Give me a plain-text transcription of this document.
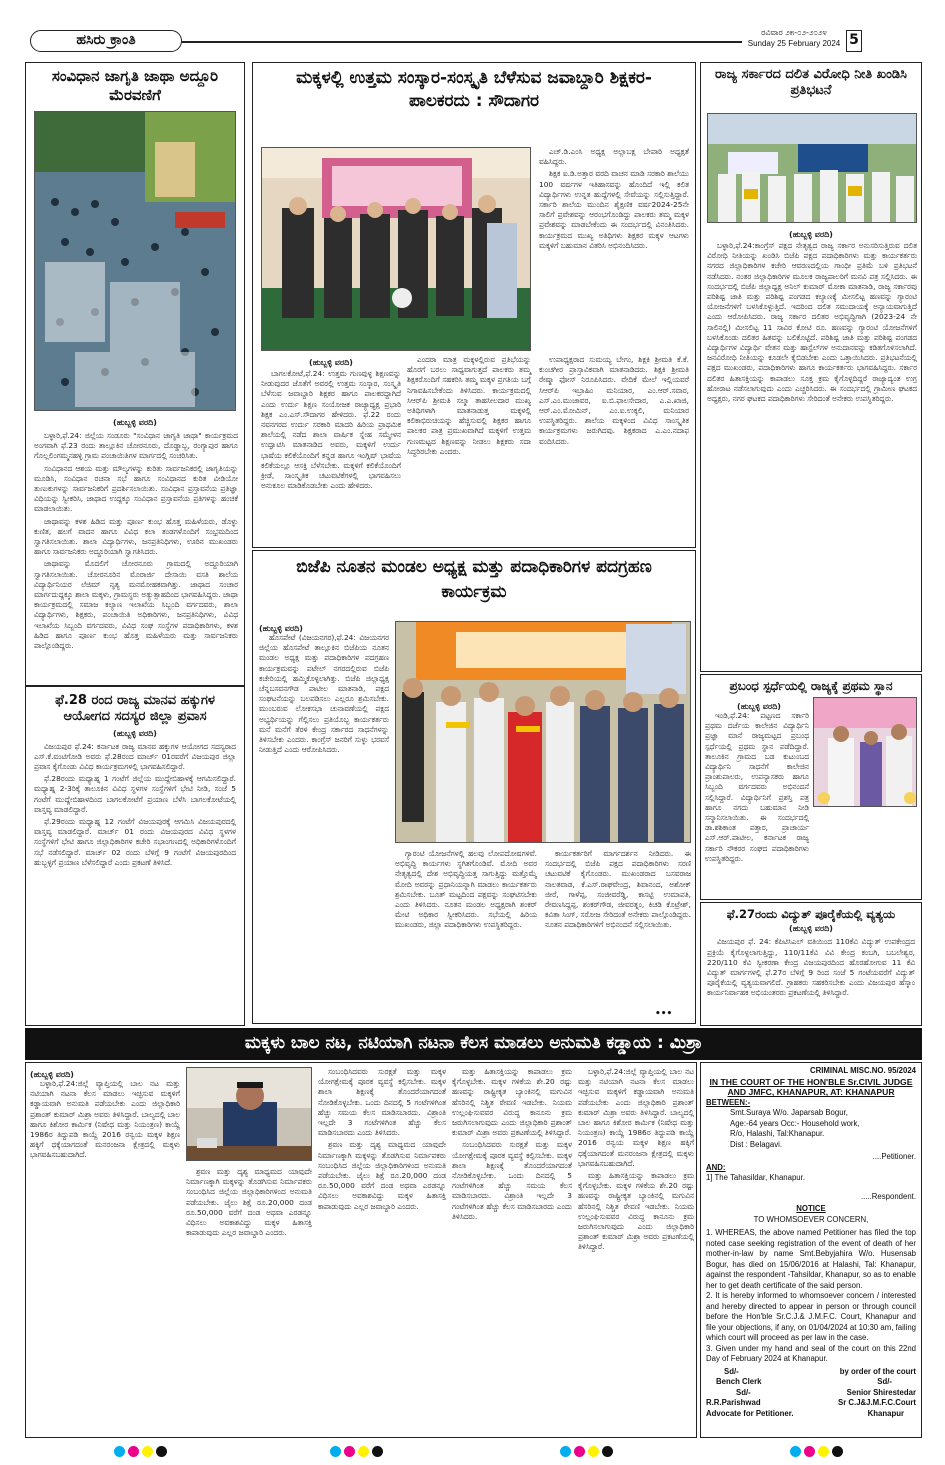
ಹಸಿರು ಕ್ರಾಂತಿ	ರವಿವಾರ ೨೫-೦೨-೨೦೨೪
Sunday 25 February 2024 5
ಸಂವಿಧಾನ ಜಾಗೃತಿ ಜಾಥಾ ಅದ್ದೂರಿ ಮೆರವಣಿಗೆ
(ಹುಬ್ಬಳ್ಳಿ ವರದಿ)

ಬಳ್ಳಾರಿ,ಫೆ.24: ಜಿಲ್ಲೆಯ ಸಂಡೂರು "ಸಂವಿಧಾನ ಜಾಗೃತಿ ಜಾಥಾ" ಕಾರ್ಯಕ್ರಮದ ಅಂಗವಾಗಿ ಫೆ.23 ರಂದು ತಾಲ್ಲೂಕಿನ ಚೋರನೂರು, ದೊಡ್ಡಾಬ್ಬ, ರಂಗ್ಯಾಪುರ ಹಾಗೂ ಗೊಲ್ಲಲಿಂಗಮ್ಮನಹಳ್ಳಿ ಗ್ರಾಮ ಪಂಚಾಯಿತಿಗಳ ಮಾರ್ಗದಲ್ಲಿ ಸಂಚರಿಸಿತು.

ಸಂವಿಧಾನದ ಆಶಯ ಮತ್ತು ಮೌಲ್ಯಗಳನ್ನು ಕುರಿತು ಸಾರ್ವಜನಿಕರಲ್ಲಿ ಜಾಗೃತಿಯನ್ನು ಮೂಡಿಸಿ, ಸಂವಿಧಾನ ರಚನಾ ಸಭೆ ಹಾಗೂ ಸಂವಿಧಾನದ ಕುರಿತ ವೀಡಿಯೋ ತುಣುಕುಗಳನ್ನು ಸಾರ್ವಜನಿಕರಿಗೆ ಪ್ರದರ್ಶಿಸಲಾಯಿತು. ಸಂವಿಧಾನ ಪ್ರಸ್ತಾವನೆಯ ಪ್ರತಿಜ್ಞಾ ವಿಧಿಯನ್ನು ಸ್ವೀಕರಿಸಿ, ಜಾಥಾದ ಉದ್ದಕ್ಕೂ ಸಂವಿಧಾನ ಪ್ರಸ್ತಾವನೆಯ ಪ್ರತಿಗಳನ್ನು ಹಂಚಿಕೆ ಮಾಡಲಾಯಿತು.

ಜಾಥಾವನ್ನು ಕಳಶ ಹಿಡಿದ ಮತ್ತು ಪೂರ್ಣ ಕುಂಭ ಹೊತ್ತ ಮಹಿಳೆಯರು, ಡೊಳ್ಳು ಕುಣಿತ, ಹಲಗೆ ವಾದನ ಹಾಗೂ ವಿವಿಧ ಕಲಾ ತಂಡಗಳೊಂದಿಗೆ ಸಂಭ್ರಮದಿಂದ ಸ್ವಾಗತಿಸಲಾಯಿತು. ಶಾಲಾ ವಿದ್ಯಾರ್ಥಿಗಳು, ಜನಪ್ರತಿನಿಧಿಗಳು, ಊರಿನ ಮುಖಂಡರು ಹಾಗೂ ಸಾರ್ವಜನಿಕರು ಅದ್ದೂರಿಯಾಗಿ ಸ್ವಾಗತಿಸಿದರು.

ಜಾಥಾವನ್ನು ಮೊದಲಿಗೆ ಚೋರನೂರು ಗ್ರಾಮದಲ್ಲಿ ಅದ್ದೂರಿಯಾಗಿ ಸ್ವಾಗತಿಸಲಾಯಿತು. ಚೋರನೂರಿನ ಮೊರಾರ್ಜಿ ದೇಸಾಯಿ ವಸತಿ ಶಾಲೆಯ ವಿದ್ಯಾರ್ಥಿನಿಯರ ಲೆಜಿಮ್ ನೃತ್ಯ ಮನಮೋಹಕವಾಗಿತ್ತು. ಜಾಥಾದ ಸಂಚಾರ ಮಾರ್ಗದುದ್ದಕ್ಕೂ ಶಾಲಾ ಮಕ್ಕಳು, ಗ್ರಾಮಸ್ಥರು ಅತ್ಯುತ್ಸಾಹದಿಂದ ಭಾಗವಹಿಸಿದ್ದರು. ಜಾಥಾ ಕಾರ್ಯಕ್ರಮದಲ್ಲಿ ಸಮಾಜ ಕಲ್ಯಾಣ ಇಲಾಖೆಯ ಸಿಬ್ಬಂದಿ ವರ್ಗದವರು, ಶಾಲಾ ವಿದ್ಯಾರ್ಥಿಗಳು, ಶಿಕ್ಷಕರು, ಪಂಚಾಯಿತಿ ಅಧಿಕಾರಿಗಳು, ಜನಪ್ರತಿನಿಧಿಗಳು, ವಿವಿಧ ಇಲಾಖೆಯ ಸಿಬ್ಬಂದಿ ವರ್ಗದವರು, ವಿವಿಧ ಸಂಘ ಸಂಸ್ಥೆಗಳ ಪದಾಧಿಕಾರಿಗಳು, ಕಳಶ ಹಿಡಿದ ಹಾಗೂ ಪೂರ್ಣ ಕುಂಭ ಹೊತ್ತ ಮಹಿಳೆಯರು ಮತ್ತು ಸಾರ್ವಜನಿಕರು ಪಾಲ್ಗೊಂಡಿದ್ದರು.

ಫೆ.28 ರಂದ ರಾಜ್ಯ ಮಾನವ ಹಕ್ಕುಗಳ ಆಯೋಗದ ಸದಸ್ಯರ ಜಿಲ್ಲಾ ಪ್ರವಾಸ
(ಹುಬ್ಬಳ್ಳಿ ವರದಿ)

ವಿಜಯಪುರ ಫೆ.24: ಕರ್ನಾಟಕ ರಾಜ್ಯ ಮಾನವ ಹಕ್ಕುಗಳ ಆಯೋಗದ ಸದಸ್ಯರಾದ ಎಸ್.ಕೆ.ವಂಟಿಗೋಡಿ ಅವರು ಫೆ.28ರಂದ ಮಾರ್ಚ್ 01ರವರೆಗೆ ವಿಜಯಪುರ ಜಿಲ್ಲಾ ಪ್ರವಾಸ ಕೈಗೊಂಡು ವಿವಿಧ ಕಾರ್ಯಕ್ರಮಗಳಲ್ಲಿ ಭಾಗವಹಿಸಲಿದ್ದಾರೆ.

ಫೆ.28ರಂದು ಮಧ್ಯಾಹ್ನ 1 ಗಂಟೆಗೆ ಜಿಲ್ಲೆಯ ಮುದ್ದೇಬಿಹಾಳಕ್ಕೆ ಆಗಮಿಸಲಿದ್ದಾರೆ. ಮಧ್ಯಾಹ್ನ 2-3ರಿಕ್ಕೆ ತಾಲೂಕಿನ ವಿವಿಧ ಸ್ಥಳಗಳ ಸಂಸ್ಥೆಗಳಿಗೆ ಭೇಟಿ ನೀಡಿ, ಸಂಜೆ 5 ಗಂಟೆಗೆ ಮುದ್ದೇಬಿಹಾಳದಿಂದ ಬಾಗಲಕೋಟೆಗೆ ಪ್ರಯಾಣ ಬೆಳೆಸಿ ಬಾಗಲಕೋಟೆಯಲ್ಲಿ ವಾಸ್ತವ್ಯ ಮಾಡಲಿದ್ದಾರೆ.

ಫೆ.29ರಂದು ಮಧ್ಯಾಹ್ನ 12 ಗಂಟೆಗೆ ವಿಜಯಪುರಕ್ಕೆ ಆಗಮಿಸಿ ವಿಜಯಪುರದಲ್ಲಿ ವಾಸ್ತವ್ಯ ಮಾಡಲಿದ್ದಾರೆ. ಮಾರ್ಚ್ 01 ರಂದು ವಿಜಯಪುರದ ವಿವಿಧ ಸ್ಥಳಗಳ ಸಂಸ್ಥೆಗಳಿಗೆ ಭೇಟಿ ಹಾಗೂ ಜಿಲ್ಲಾಧಿಕಾರಿಗಳ ಕಚೇರಿ ಸಭಾಂಗಣದಲ್ಲಿ ಅಧಿಕಾರಿಗಳೊಂದಿಗೆ ಸಭೆ ನಡೆಸಲಿದ್ದಾರೆ. ಮಾರ್ಚ್ 02 ರಂದು ಬೆಳಿಗ್ಗೆ 9 ಗಂಟೆಗೆ ವಿಜಯಪುರದಿಂದ ಹುಬ್ಬಳ್ಳಿಗೆ ಪ್ರಯಾಣ ಬೆಳೆಸಲಿದ್ದಾರೆ ಎಂದು ಪ್ರಕಟಣೆ ತಿಳಿಸಿದೆ.

ಮಕ್ಕಳಲ್ಲಿ ಉತ್ತಮ ಸಂಸ್ಕಾರ-ಸಂಸ್ಕೃತಿ ಬೆಳೆಸುವ ಜವಾಬ್ದಾರಿ ಶಿಕ್ಷಕರ-ಪಾಲಕರದು : ಸೌದಾಗರ

ಎಚ್.ಡಿ.ಎಂಸಿ ಅಧ್ಯಕ್ಷ ಅಲ್ಲಾಬಕ್ಷ ಬೇಪಾರಿ ಅಧ್ಯಕ್ಷತೆ ವಹಿಸಿದ್ದರು.

ಶಿಕ್ಷಕ ಐ.ಡಿ.ಅತ್ತಾರ ವರದಿ ವಾಚನ ಮಾಡಿ ಸರಕಾರಿ ಶಾಲೆಯು 100 ವರ್ಷಗಳ ಇತಿಹಾಸವನ್ನು ಹೊಂದಿದೆ ಇಲ್ಲಿ ಕಲಿತ ವಿದ್ಯಾರ್ಥಿಗಳು ಉನ್ನತ ಹುದ್ದೆಗಳಲ್ಲಿ ಸೇವೆಯನ್ನು ಸಲ್ಲಿಸುತ್ತಿದ್ದಾರೆ. ಸರ್ಕಾರಿ ಶಾಲೆಯ ಮುಂದಿನ ಶೈಕ್ಷಣಿಕ ವರ್ಷ2024-25ನೇ ಸಾಲಿಗೆ ಪ್ರವೇಶವನ್ನು ಆರಂಭಗೊಂಡಿದ್ದು ಪಾಲಕರು ತಮ್ಮ ಮಕ್ಕಳ ಪ್ರವೇಶವನ್ನು ಮಾಡಬೇಕೆಂದು ಈ ಸಂದರ್ಭದಲ್ಲಿ ವಿನಂತಿಸಿದರು. ಕಾರ್ಯಕ್ರಮದ ಮುಖ್ಯ ಅತಿಥಿಗಳು ಶಿಕ್ಷಕರ ಮಕ್ಕಳ ಆಟಗಳು ಮಕ್ಕಳಿಗೆ ಬಹುಮಾನ ವಿತರಿಸಿ ಅಭಿನಂದಿಸಿದರು.

(ಹುಬ್ಬಳ್ಳಿ ವರದಿ)

ಬಾಗಲಕೋಟೆ,ಫೆ.24: ಉತ್ತಮ ಗುಣವುಳ್ಳ ಶಿಕ್ಷಣವನ್ನು ನೀಡುವುದರ ಜೊತೆಗೆ ಅವರಲ್ಲಿ ಉತ್ತಮ ಸಂಸ್ಕಾರ, ಸಂಸ್ಕೃತಿ ಬೆಳೆಸುವ ಜವಾಬ್ದಾರಿ ಶಿಕ್ಷಕರ ಹಾಗೂ ಪಾಲಕರದ್ದಾಗಿದೆ ಎಂದು ಉರ್ದು ಶಿಕ್ಷಣ ಸಂಯೋಜಕ ರಾಜ್ಯಾಧ್ಯಕ್ಷ ಪ್ರಭಾರಿ ಶಿಕ್ಷಕ ಎಂ.ಎಸ್.ಸೌದಾಗರ ಹೇಳಿದರು. ಫೆ.22 ರಂದು ನವನಗರದ ಉರ್ದು ಸರಕಾರಿ ಮಾದರಿ ಹಿರಿಯ ಪ್ರಾಥಮಿಕ ಶಾಲೆಯಲ್ಲಿ ನಡೆದ ಶಾಲಾ ವಾರ್ಷಿಕ ಸ್ನೇಹ ಸಮ್ಮೇಳನ ಉದ್ಘಾಟಿಸಿ ಮಾತನಾಡಿದ ಅವರು, ಮಕ್ಕಳಿಗೆ ಉರ್ದು ಭಾಷೆಯ ಕಲಿಕೆಯೊಂದಿಗೆ ಕನ್ನಡ ಹಾಗೂ ಇಂಗ್ಲಿಷ್ ಭಾಷೆಯ ಕಲಿಕೆಯಲ್ಲೂ ಆಸಕ್ತಿ ಬೆಳೆಸಬೇಕು. ಮಕ್ಕಳಿಗೆ ಕಲಿಕೆಯೊಂದಿಗೆ ಕ್ರೀಡೆ, ಸಾಂಸ್ಕೃತಿಕ ಚಟುವಟಿಕೆಗಳಲ್ಲಿ ಭಾಗವಹಿಸಲು ಅನುಕೂಲ ಮಾಡಿಕೊಡಬೇಕು ಎಂದು ಹೇಳಿದರು.

ಎಂದರಾ ಮಾತ್ರ ಮಕ್ಕಳಲ್ಲಿರುವ ಪ್ರತಿಭೆಯನ್ನು ಹೊರಗೆ ಬರಲು ಸಾಧ್ಯವಾಗುತ್ತದೆ ಪಾಲಕರು ತಮ್ಮ ಶಿಕ್ಷಕರೊಂದಿಗೆ ಸಹಕರಿಸಿ ತಮ್ಮ ಮಕ್ಕಳ ಪ್ರಗತಿಯ ಬಗ್ಗೆ ನಿಗಾವಹಿಸಬೇಕೆಂದು ತಿಳಿಸಿದರು. ಕಾರ್ಯಕ್ರಮದಲ್ಲಿ ಸಿಆರ್‌ಪಿ ಶ್ರೀಮತಿ ಸಲ್ಮಾ ತಾಹಸೀಲದಾರ ಮುಖ್ಯ ಅತಿಥಿಗಳಾಗಿ ಮಾತನಾಡುತ್ತ ಮಕ್ಕಳಲ್ಲಿ ಕಲಿಕಾಭಿರುಚಿಯನ್ನು ಹೆಚ್ಚಿಸುವಲ್ಲಿ ಶಿಕ್ಷಕರ ಹಾಗೂ ಪಾಲಕರ ಪಾತ್ರ ಪ್ರಮುಖವಾಗಿದೆ ಮಕ್ಕಳಿಗೆ ಉತ್ತಮ ಗುಣಮಟ್ಟದ ಶಿಕ್ಷಣವನ್ನು ನೀಡಲು ಶಿಕ್ಷಕರು ಸದಾ ಸಿದ್ಧರಿರಬೇಕು ಎಂದರು.

ಉಪಾಧ್ಯಕ್ಷರಾದ ಸುಮಯ್ಯ ಬೇಗಂ, ಶಿಕ್ಷಕಿ ಶ್ರೀಮತಿ ಕೆ.ಕೆ. ಕುಂಚಗೀರ ಪ್ರಾಸ್ತಾವಿಕವಾಗಿ ಮಾತನಾಡಿದರು. ಶಿಕ್ಷಕಿ ಶ್ರೀಮತಿ ರೇಷ್ಮಾ ಫೋಸ್ ನಿರೂಪಿಸಿದರು. ವೇದಿಕೆ ಮೇಲೆ ಇಲ್ಲಿಯವರೆ ಸಿಆರ್‌ಪಿ ಇಬ್ರಾಹಿಂ ಮನಿಯಾರ, ಎಂ.ಆರ್.ಸವಾರ, ಎಸ್.ಎಂ.ಮುಜಾವರ, ಐ.ಬಿ.ಫಾಲಸೇದಾರ, ಎ.ಎ.ಖಾಜಿ, ಆರ್.ಎಂ.ಮೋಮಿನ್, ಎಂ.ಐ.ಉಕ್ಕಲಿ, ಮನಿಯಾರ ಉಪಸ್ಥಿತರಿದ್ದರು. ಶಾಲೆಯ ಮಕ್ಕಳಿಂದ ವಿವಿಧ ಸಾಂಸ್ಕೃತಿಕ ಕಾರ್ಯಕ್ರಮಗಳು ಜರುಗಿದವು. ಶಿಕ್ಷಕರಾದ ಎ.ಎಂ.ನದಾಫ ವಂದಿಸಿದರು.

ರಾಜ್ಯ ಸರ್ಕಾರದ ದಲಿತ ವಿರೋಧಿ ನೀತಿ ಖಂಡಿಸಿ ಪ್ರತಿಭಟನೆ
(ಹುಬ್ಬಳ್ಳಿ ವರದಿ)

ಬಳ್ಳಾರಿ,ಫೆ.24:ಕಾಂಗ್ರೆಸ್ ಪಕ್ಷದ ನೇತೃತ್ವದ ರಾಜ್ಯ ಸರ್ಕಾರ ಅನುಸರಿಸುತ್ತಿರುವ ದಲಿತ ವಿರೋಧಿ ನೀತಿಯನ್ನು ಖಂಡಿಸಿ ಬಿಜೆಪಿ ಪಕ್ಷದ ಪದಾಧಿಕಾರಿಗಳು ಮತ್ತು ಕಾರ್ಯಕರ್ತರು ನಗರದ ಜಿಲ್ಲಾಧಿಕಾರಿಗಳ ಕಚೇರಿ ಆವರಣದಲ್ಲಿಯ ಗಾಂಧೀ ಪ್ರತಿಮೆ ಬಳಿ ಪ್ರತಿಭಟನೆ ನಡೆಸಿದರು. ನಂತರ ಜಿಲ್ಲಾಧಿಕಾರಿಗಳ ಮೂಲಕ ರಾಜ್ಯಪಾಲರಿಗೆ ಮನವಿ ಪತ್ರ ಸಲ್ಲಿಸಿದರು. ಈ ಸಂದರ್ಭದಲ್ಲಿ ಬಿಜೆಪಿ ಜಿಲ್ಲಾಧ್ಯಕ್ಷ ಅನಿಲ್ ಕುಮಾರ್ ಮೋಕಾ ಮಾತನಾಡಿ, ರಾಜ್ಯ ಸರ್ಕಾರವು ಪರಿಶಿಷ್ಟ ಜಾತಿ ಮತ್ತು ಪರಿಶಿಷ್ಟ ಪಂಗಡದ ಕಲ್ಯಾಣಕ್ಕೆ ಮೀಸಲಿಟ್ಟ ಹಣವನ್ನು ಗ್ಯಾರಂಟಿ ಯೋಜನೆಗಳಿಗೆ ಬಳಸಿಕೊಳ್ಳುತ್ತಿದೆ. ಇದರಿಂದ ದಲಿತ ಸಮುದಾಯಕ್ಕೆ ಅನ್ಯಾಯವಾಗುತ್ತಿದೆ ಎಂದು ಆರೋಪಿಸಿದರು. ರಾಜ್ಯ ಸರ್ಕಾರ ದಲಿತರ ಅಭಿವೃದ್ಧಿಗಾಗಿ (2023-24 ನೇ ಸಾಲಿನಲ್ಲಿ) ಮೀಸಲಿಟ್ಟ 11 ಸಾವಿರ ಕೋಟಿ ರೂ. ಹಣವನ್ನು ಗ್ಯಾರಂಟಿ ಯೋಜನೆಗಳಿಗೆ ಬಳಸಿಕೊಂಡು ದಲಿತರ ಹಿತವನ್ನು ಬಲಿಕೊಟ್ಟಿದೆ. ಪರಿಶಿಷ್ಟ ಜಾತಿ ಮತ್ತು ಪರಿಶಿಷ್ಟ ಪಂಗಡದ ವಿದ್ಯಾರ್ಥಿಗಳ ವಿದ್ಯಾರ್ಥಿ ವೇತನ ಮತ್ತು ಹಾಸ್ಟೆಲ್‌ಗಳ ಅನುದಾನವನ್ನು ಕಡಿತಗೊಳಿಸಲಾಗಿದೆ. ಜನವಿರೋಧಿ ನೀತಿಯನ್ನು ಕೂಡಲೇ ಕೈಬಿಡಬೇಕು ಎಂದು ಒತ್ತಾಯಿಸಿದರು. ಪ್ರತಿಭಟನೆಯಲ್ಲಿ ಪಕ್ಷದ ಮುಖಂಡರು, ಪದಾಧಿಕಾರಿಗಳು ಹಾಗೂ ಕಾರ್ಯಕರ್ತರು ಭಾಗವಹಿಸಿದ್ದರು. ಸರ್ಕಾರ ದಲಿತರ ಹಿತಾಸಕ್ತಿಯನ್ನು ಕಾಪಾಡಲು ಸೂಕ್ತ ಕ್ರಮ ಕೈಗೊಳ್ಳದಿದ್ದರೆ ರಾಜ್ಯಾದ್ಯಂತ ಉಗ್ರ ಹೋರಾಟ ನಡೆಸಲಾಗುವುದು ಎಂದು ಎಚ್ಚರಿಸಿದರು. ಈ ಸಂದರ್ಭದಲ್ಲಿ ಗ್ರಾಮೀಣ ಘಟಕದ ಅಧ್ಯಕ್ಷರು, ನಗರ ಘಟಕದ ಪದಾಧಿಕಾರಿಗಳು ಸೇರಿದಂತೆ ಅನೇಕರು ಉಪಸ್ಥಿತರಿದ್ದರು.

ಬಿಜೆಪಿ ನೂತನ ಮಂಡಲ ಅಧ್ಯಕ್ಷ ಮತ್ತು ಪದಾಧಿಕಾರಿಗಳ ಪದಗ್ರಹಣ ಕಾರ್ಯಕ್ರಮ
(ಹುಬ್ಬಳ್ಳಿ ವರದಿ)

ಹೊಸಪೇಟೆ (ವಿಜಯನಗರ),ಫೆ.24: ವಿಜಯನಗರ ಜಿಲ್ಲೆಯ ಹೊಸಪೇಟೆ ತಾಲ್ಲೂಕಿನ ಬಿಜೆಪಿಯ ನೂತನ ಮಂಡಲ ಅಧ್ಯಕ್ಷ ಮತ್ತು ಪದಾಧಿಕಾರಿಗಳ ಪದಗ್ರಹಣ ಕಾರ್ಯಕ್ರಮವನ್ನು ಪಟೇಲ್ ನಗರದಲ್ಲಿರುವ ಬಿಜೆಪಿ ಕಚೇರಿಯಲ್ಲಿ ಹಮ್ಮಿಕೊಳ್ಳಲಾಗಿತ್ತು. ಬಿಜೆಪಿ ಜಿಲ್ಲಾಧ್ಯಕ್ಷ ಚೆನ್ನಬಸವನಗೌಡ ಪಾಟೀಲ ಮಾತನಾಡಿ, ಪಕ್ಷದ ಸಂಘಟನೆಯನ್ನು ಬಲಪಡಿಸಲು ಎಲ್ಲರೂ ಶ್ರಮಿಸಬೇಕು. ಮುಂಬರುವ ಲೋಕಸಭಾ ಚುನಾವಣೆಯಲ್ಲಿ ಪಕ್ಷದ ಅಭ್ಯರ್ಥಿಯನ್ನು ಗೆಲ್ಲಿಸಲು ಪ್ರತಿಯೊಬ್ಬ ಕಾರ್ಯಕರ್ತರು ಮನೆ ಮನೆಗೆ ತೆರಳಿ ಕೇಂದ್ರ ಸರ್ಕಾರದ ಸಾಧನೆಗಳನ್ನು ತಿಳಿಸಬೇಕು ಎಂದರು. ಕಾಂಗ್ರೆಸ್ ಜನರಿಗೆ ಸುಳ್ಳು ಭರವಸೆ ನೀಡುತ್ತಿದೆ ಎಂದು ಆರೋಪಿಸಿದರು.

ಗ್ಯಾರಂಟಿ ಯೋಜನೆಗಳಲ್ಲಿ ಹಲವು ಲೋಪದೋಷಗಳಿವೆ. ಅಭಿವೃದ್ಧಿ ಕಾರ್ಯಗಳು ಸ್ಥಗಿತಗೊಂಡಿವೆ. ಮೋದಿ ಅವರ ನೇತೃತ್ವದಲ್ಲಿ ದೇಶ ಅಭಿವೃದ್ಧಿಯತ್ತ ಸಾಗುತ್ತಿದ್ದು ಮತ್ತೊಮ್ಮೆ ಮೋದಿ ಅವರನ್ನು ಪ್ರಧಾನಿಯನ್ನಾಗಿ ಮಾಡಲು ಕಾರ್ಯಕರ್ತರು ಶ್ರಮಿಸಬೇಕು. ಬೂತ್ ಮಟ್ಟದಿಂದ ಪಕ್ಷವನ್ನು ಸಂಘಟಿಸಬೇಕು ಎಂದು ತಿಳಿಸಿದರು. ನೂತನ ಮಂಡಲ ಅಧ್ಯಕ್ಷರಾಗಿ ಶಂಕರ್ ಮೇಟಿ ಅಧಿಕಾರ ಸ್ವೀಕರಿಸಿದರು. ಸಭೆಯಲ್ಲಿ ಹಿರಿಯ ಮುಖಂಡರು, ಜಿಲ್ಲಾ ಪದಾಧಿಕಾರಿಗಳು ಉಪಸ್ಥಿತರಿದ್ದರು.

ಕಾರ್ಯಕರ್ತರಿಗೆ ಮಾರ್ಗದರ್ಶನ ನೀಡಿದರು. ಈ ಸಂದರ್ಭದಲ್ಲಿ ಬಿಜೆಪಿ ಪಕ್ಷದ ಪದಾಧಿಕಾರಿಗಳು ಸರಣಿ ಚಟುವಟಿಕೆ ಕೈಗೊಂಡರು. ಮುಖಂಡರಾದ ಬಸವರಾಜ ನಾಲತವಾಡ, ಕೆ.ಎಸ್.ರಾಘವೇಂದ್ರ, ಶಿವಾನಂದ, ಅಶೋಕ್ ಜೀರೆ, ಗಾಳೆಪ್ಪ, ಸಂಜೀವರೆಡ್ಡಿ, ಕಾಸಟ್ಟಿ ಉಮಾಪತಿ, ರೇವಣಸಿದ್ದಪ್ಪ, ಶಂಕರ್‌ಗೌಡ, ಜೀವರತ್ನಂ, ಕಿಚಡಿ ಕೊಟ್ರೇಶ್, ಕವಿತಾ ಸಿಂಗ್, ಸರೋಜ ಸೇರಿದಂತೆ ಅನೇಕರು ಪಾಲ್ಗೊಂಡಿದ್ದರು. ನೂತನ ಪದಾಧಿಕಾರಿಗಳಿಗೆ ಅಭಿನಂದನೆ ಸಲ್ಲಿಸಲಾಯಿತು.

•••
ಪ್ರಬಂಧ ಸ್ಪರ್ಧೆಯಲ್ಲಿ ರಾಜ್ಯಕ್ಕೆ ಪ್ರಥಮ ಸ್ಥಾನ
(ಹುಬ್ಬಳ್ಳಿ ವರದಿ)

ಇಂಡಿ,ಫೆ.24: ಪಟ್ಟಣದ ಸರ್ಕಾರಿ ಪ್ರಥಮ ದರ್ಜೆಯ ಕಾಲೇಜಿನ ವಿದ್ಯಾರ್ಥಿನಿ ಪ್ರಜ್ಞಾ ಮಾನೆ ರಾಜ್ಯಮಟ್ಟದ ಪ್ರಬಂಧ ಸ್ಪರ್ಧೆಯಲ್ಲಿ ಪ್ರಥಮ ಸ್ಥಾನ ಪಡೆದಿದ್ದಾರೆ. ತಾಲೂಕಿನ ಗ್ರಾಮದ ಬಡ ಕುಟುಂಬದ ವಿದ್ಯಾರ್ಥಿನಿ ಸಾಧನೆಗೆ ಕಾಲೇಜಿನ ಪ್ರಾಂಶುಪಾಲರು, ಉಪನ್ಯಾಸಕರು ಹಾಗೂ ಸಿಬ್ಬಂದಿ ವರ್ಗದವರು ಅಭಿನಂದನೆ ಸಲ್ಲಿಸಿದ್ದಾರೆ. ವಿದ್ಯಾರ್ಥಿನಿಗೆ ಪ್ರಶಸ್ತಿ ಪತ್ರ ಹಾಗೂ ನಗದು ಬಹುಮಾನ ನೀಡಿ ಸನ್ಮಾನಿಸಲಾಯಿತು. ಈ ಸಂದರ್ಭದಲ್ಲಿ ಡಾ.ಶಶಿಕಾಂತ ಪತ್ತಾರ, ಪ್ರಾಚಾರ್ಯ ಎಸ್.ಆರ್.ಪಾಟೀಲ, ಕರ್ನಾಟಕ ರಾಜ್ಯ ಸರ್ಕಾರಿ ನೌಕರರ ಸಂಘದ ಪದಾಧಿಕಾರಿಗಳು ಉಪಸ್ಥಿತರಿದ್ದರು.

ಫೆ.27ರಂದು ವಿದ್ಯುತ್ ಪೂರೈಕೆಯಲ್ಲಿ ವ್ಯತ್ಯಯ
(ಹುಬ್ಬಳ್ಳಿ ವರದಿ)

ವಿಜಯಪುರ ಫೆ. 24: ಕೆಪಿಟಿಸಿಎಲ್ ವತಿಯಿಂದ 110ಕೆವಿ ವಿದ್ಯುತ್ ಉಪಕೇಂದ್ರದ ಪ್ರಕ್ರಿಯೆ ಕೈಗೊಳ್ಳಲಾಗುತ್ತಿದ್ದು, 110/11ಕೆವಿ ವಿವಿ ಕೇಂದ್ರ ಕಂಬಗಿ, ಬಬಲೇಶ್ವರ, 220/110 ಕೆವಿ ಸ್ವೀಕರಣಾ ಕೇಂದ್ರ ವಿಜಯಪುರದಿಂದ ಹೊರಹೋಗುವ 11 ಕೆವಿ ವಿದ್ಯುತ್ ಮಾರ್ಗಗಳಲ್ಲಿ ಫೆ.27ರ ಬೆಳಿಗ್ಗೆ 9 ರಿಂದ ಸಂಜೆ 5 ಗಂಟೆಯವರೆಗೆ ವಿದ್ಯುತ್ ಪೂರೈಕೆಯಲ್ಲಿ ವ್ಯತ್ಯಯವಾಗಲಿದೆ. ಗ್ರಾಹಕರು ಸಹಕರಿಸಬೇಕು ಎಂದು ವಿಜಯಪುರ ಹೆಸ್ಕಾಂ ಕಾರ್ಯನಿರ್ವಾಹಕ ಅಭಿಯಂತರರು ಪ್ರಕಟಣೆಯಲ್ಲಿ ತಿಳಿಸಿದ್ದಾರೆ.

ಮಕ್ಕಳು ಬಾಲ ನಟ, ನಟಿಯಾಗಿ ನಟನಾ ಕೆಲಸ ಮಾಡಲು ಅನುಮತಿ ಕಡ್ಡಾಯ : ಮಿಶ್ರಾ
(ಹುಬ್ಬಳ್ಳಿ ವರದಿ)

ಬಳ್ಳಾರಿ,ಫೆ.24:ಜಿಲ್ಲೆ ವ್ಯಾಪ್ತಿಯಲ್ಲಿ ಬಾಲ ನಟ ಮತ್ತು ನಟಿಯಾಗಿ ನಟನಾ ಕೆಲಸ ಮಾಡಲು ಇಚ್ಛಿಸುವ ಮಕ್ಕಳಿಗೆ ಕಡ್ಡಾಯವಾಗಿ ಅನುಮತಿ ಪಡೆಯಬೇಕು ಎಂದು ಜಿಲ್ಲಾಧಿಕಾರಿ ಪ್ರಶಾಂತ್ ಕುಮಾರ್ ಮಿಶ್ರಾ ಅವರು ತಿಳಿಸಿದ್ದಾರೆ. ಬಾಲ್ಯದಲ್ಲಿ ಬಾಲ ಹಾಗೂ ಕಿಶೋರ ಕಾರ್ಮಿಕ (ನಿಷೇಧ ಮತ್ತು ನಿಯಂತ್ರಣ) ಕಾಯ್ದೆ 1986ರ ತಿದ್ದುಪಡಿ ಕಾಯ್ದೆ 2016 ರನ್ವಯ ಮಕ್ಕಳ ಶಿಕ್ಷಣ ಹಕ್ಕಿಗೆ ಧಕ್ಕೆಯಾಗದಂತೆ ಮನರಂಜನಾ ಕ್ಷೇತ್ರದಲ್ಲಿ ಮಕ್ಕಳು ಭಾಗವಹಿಸಬಹುದಾಗಿದೆ.

ಶ್ರವಣ ಮತ್ತು ದೃಶ್ಯ ಮಾಧ್ಯಮದ ಯಾವುದೇ ನಿರ್ಮಾಣಕ್ಕಾಗಿ ಮಕ್ಕಳನ್ನು ತೊಡಗಿಸುವ ನಿರ್ಮಾಪಕರು ಸಂಬಂಧಿಸಿದ ಜಿಲ್ಲೆಯ ಜಿಲ್ಲಾಧಿಕಾರಿಗಳಿಂದ ಅನುಮತಿ ಪಡೆಯಬೇಕು. ಜೈಲು ಶಿಕ್ಷೆ ರೂ.20,000 ದಂಡ ರೂ.50,000 ವರೆಗೆ ದಂಡ ಅಥವಾ ಎರಡನ್ನೂ ವಿಧಿಸಲು ಅವಕಾಶವಿದ್ದು ಮಕ್ಕಳ ಹಿತಾಸಕ್ತಿ ಕಾಪಾಡುವುದು ಎಲ್ಲರ ಜವಾಬ್ದಾರಿ ಎಂದರು.

ಸಂಬಂಧಿಸಿದವರು ಸುರಕ್ಷತೆ ಮತ್ತು ಮಕ್ಕಳ ಯೋಗಕ್ಷೇಮಕ್ಕೆ ಪೂರಕ ವ್ಯವಸ್ಥೆ ಕಲ್ಪಿಸಬೇಕು. ಮಕ್ಕಳ ಶಾಲಾ ಶಿಕ್ಷಣಕ್ಕೆ ತೊಂದರೆಯಾಗದಂತೆ ನೋಡಿಕೊಳ್ಳಬೇಕು. ಒಂದು ದಿನದಲ್ಲಿ 5 ಗಂಟೆಗಳಿಗಿಂತ ಹೆಚ್ಚು ಸಮಯ ಕೆಲಸ ಮಾಡಿಸಬಾರದು. ವಿಶ್ರಾಂತಿ ಇಲ್ಲದೇ 3 ಗಂಟೆಗಳಿಗಿಂತ ಹೆಚ್ಚು ಕೆಲಸ ಮಾಡಿಸಬಾರದು ಎಂದು ತಿಳಿಸಿದರು.

ಶ್ರವಣ ಮತ್ತು ದೃಶ್ಯ ಮಾಧ್ಯಮದ ಯಾವುದೇ ನಿರ್ಮಾಣಕ್ಕಾಗಿ ಮಕ್ಕಳನ್ನು ತೊಡಗಿಸುವ ನಿರ್ಮಾಪಕರು ಸಂಬಂಧಿಸಿದ ಜಿಲ್ಲೆಯ ಜಿಲ್ಲಾಧಿಕಾರಿಗಳಿಂದ ಅನುಮತಿ ಪಡೆಯಬೇಕು. ಜೈಲು ಶಿಕ್ಷೆ ರೂ.20,000 ದಂಡ ರೂ.50,000 ವರೆಗೆ ದಂಡ ಅಥವಾ ಎರಡನ್ನೂ ವಿಧಿಸಲು ಅವಕಾಶವಿದ್ದು ಮಕ್ಕಳ ಹಿತಾಸಕ್ತಿ ಕಾಪಾಡುವುದು ಎಲ್ಲರ ಜವಾಬ್ದಾರಿ ಎಂದರು.

ಮತ್ತು ಹಿತಾಸಕ್ತಿಯನ್ನು ಕಾಪಾಡಲು ಕ್ರಮ ಕೈಗೊಳ್ಳಬೇಕು. ಮಕ್ಕಳ ಗಳಿಕೆಯ ಶೇ.20 ರಷ್ಟು ಹಣವನ್ನು ರಾಷ್ಟ್ರೀಕೃತ ಬ್ಯಾಂಕಿನಲ್ಲಿ ಮಗುವಿನ ಹೆಸರಿನಲ್ಲಿ ನಿಶ್ಚಿತ ಠೇವಣಿ ಇಡಬೇಕು. ನಿಯಮ ಉಲ್ಲಂಘಿಸುವವರ ವಿರುದ್ಧ ಕಾನೂನು ಕ್ರಮ ಜರುಗಿಸಲಾಗುವುದು ಎಂದು ಜಿಲ್ಲಾಧಿಕಾರಿ ಪ್ರಶಾಂತ್ ಕುಮಾರ್ ಮಿಶ್ರಾ ಅವರು ಪ್ರಕಟಣೆಯಲ್ಲಿ ತಿಳಿಸಿದ್ದಾರೆ.

ಸಂಬಂಧಿಸಿದವರು ಸುರಕ್ಷತೆ ಮತ್ತು ಮಕ್ಕಳ ಯೋಗಕ್ಷೇಮಕ್ಕೆ ಪೂರಕ ವ್ಯವಸ್ಥೆ ಕಲ್ಪಿಸಬೇಕು. ಮಕ್ಕಳ ಶಾಲಾ ಶಿಕ್ಷಣಕ್ಕೆ ತೊಂದರೆಯಾಗದಂತೆ ನೋಡಿಕೊಳ್ಳಬೇಕು. ಒಂದು ದಿನದಲ್ಲಿ 5 ಗಂಟೆಗಳಿಗಿಂತ ಹೆಚ್ಚು ಸಮಯ ಕೆಲಸ ಮಾಡಿಸಬಾರದು. ವಿಶ್ರಾಂತಿ ಇಲ್ಲದೇ 3 ಗಂಟೆಗಳಿಗಿಂತ ಹೆಚ್ಚು ಕೆಲಸ ಮಾಡಿಸಬಾರದು ಎಂದು ತಿಳಿಸಿದರು.

ಬಳ್ಳಾರಿ,ಫೆ.24:ಜಿಲ್ಲೆ ವ್ಯಾಪ್ತಿಯಲ್ಲಿ ಬಾಲ ನಟ ಮತ್ತು ನಟಿಯಾಗಿ ನಟನಾ ಕೆಲಸ ಮಾಡಲು ಇಚ್ಛಿಸುವ ಮಕ್ಕಳಿಗೆ ಕಡ್ಡಾಯವಾಗಿ ಅನುಮತಿ ಪಡೆಯಬೇಕು ಎಂದು ಜಿಲ್ಲಾಧಿಕಾರಿ ಪ್ರಶಾಂತ್ ಕುಮಾರ್ ಮಿಶ್ರಾ ಅವರು ತಿಳಿಸಿದ್ದಾರೆ. ಬಾಲ್ಯದಲ್ಲಿ ಬಾಲ ಹಾಗೂ ಕಿಶೋರ ಕಾರ್ಮಿಕ (ನಿಷೇಧ ಮತ್ತು ನಿಯಂತ್ರಣ) ಕಾಯ್ದೆ 1986ರ ತಿದ್ದುಪಡಿ ಕಾಯ್ದೆ 2016 ರನ್ವಯ ಮಕ್ಕಳ ಶಿಕ್ಷಣ ಹಕ್ಕಿಗೆ ಧಕ್ಕೆಯಾಗದಂತೆ ಮನರಂಜನಾ ಕ್ಷೇತ್ರದಲ್ಲಿ ಮಕ್ಕಳು ಭಾಗವಹಿಸಬಹುದಾಗಿದೆ.

ಮತ್ತು ಹಿತಾಸಕ್ತಿಯನ್ನು ಕಾಪಾಡಲು ಕ್ರಮ ಕೈಗೊಳ್ಳಬೇಕು. ಮಕ್ಕಳ ಗಳಿಕೆಯ ಶೇ.20 ರಷ್ಟು ಹಣವನ್ನು ರಾಷ್ಟ್ರೀಕೃತ ಬ್ಯಾಂಕಿನಲ್ಲಿ ಮಗುವಿನ ಹೆಸರಿನಲ್ಲಿ ನಿಶ್ಚಿತ ಠೇವಣಿ ಇಡಬೇಕು. ನಿಯಮ ಉಲ್ಲಂಘಿಸುವವರ ವಿರುದ್ಧ ಕಾನೂನು ಕ್ರಮ ಜರುಗಿಸಲಾಗುವುದು ಎಂದು ಜಿಲ್ಲಾಧಿಕಾರಿ ಪ್ರಶಾಂತ್ ಕುಮಾರ್ ಮಿಶ್ರಾ ಅವರು ಪ್ರಕಟಣೆಯಲ್ಲಿ ತಿಳಿಸಿದ್ದಾರೆ.

CRIMINAL MISC.NO. 95/2024
IN THE COURT OF THE HON'BLE Sr.CIVIL JUDGE
AND JMFC, KHANAPUR, AT: KHANAPUR
BETWEEN:-
Smt.Suraya W/o. Japarsab Bogur,
Age:-64 years Occ:- Household work,
R/o, Halashi, Tal:Khanapur.
Dist : Belagavi.
....Petitioner.
AND:
1] The Tahasildar, Khanapur.
.....Respondent.
NOTICE
TO WHOMSOEVER CONCERN,
1. WHEREAS, the above named Petitioner has filed the top noted case seeking registration of the event of death of her mother-in-law by name Smt.Bebyjahira W/o. Husensab Bogur, has died on 15/06/2016 at Halashi, Tal: Khanapur, against the respondent -Tahsildar, Khanapur, so as to enable her to get death certificate of the said person.
2. It is hereby informed to whomsoever concern / interested and hereby directed to appear in person or through council before the Hon'ble Sr.C.J.& J.M.F.C. Court, Khanapur and file your objections, if any, on 01/04/2024 at 10:30 am, failing which court will proceed as per law in the case.
3. Given under my hand and seal of the court on this 22nd Day of February 2024 at Khanapur.
Sd/-	by order of the court
Bench Clerk	Sd/-
Sd/-	Senior Shirestedar
R.R.Parishwad	Sr C.J&J.M.F.C.Court
Advocate for Petitioner.	Khanapur
